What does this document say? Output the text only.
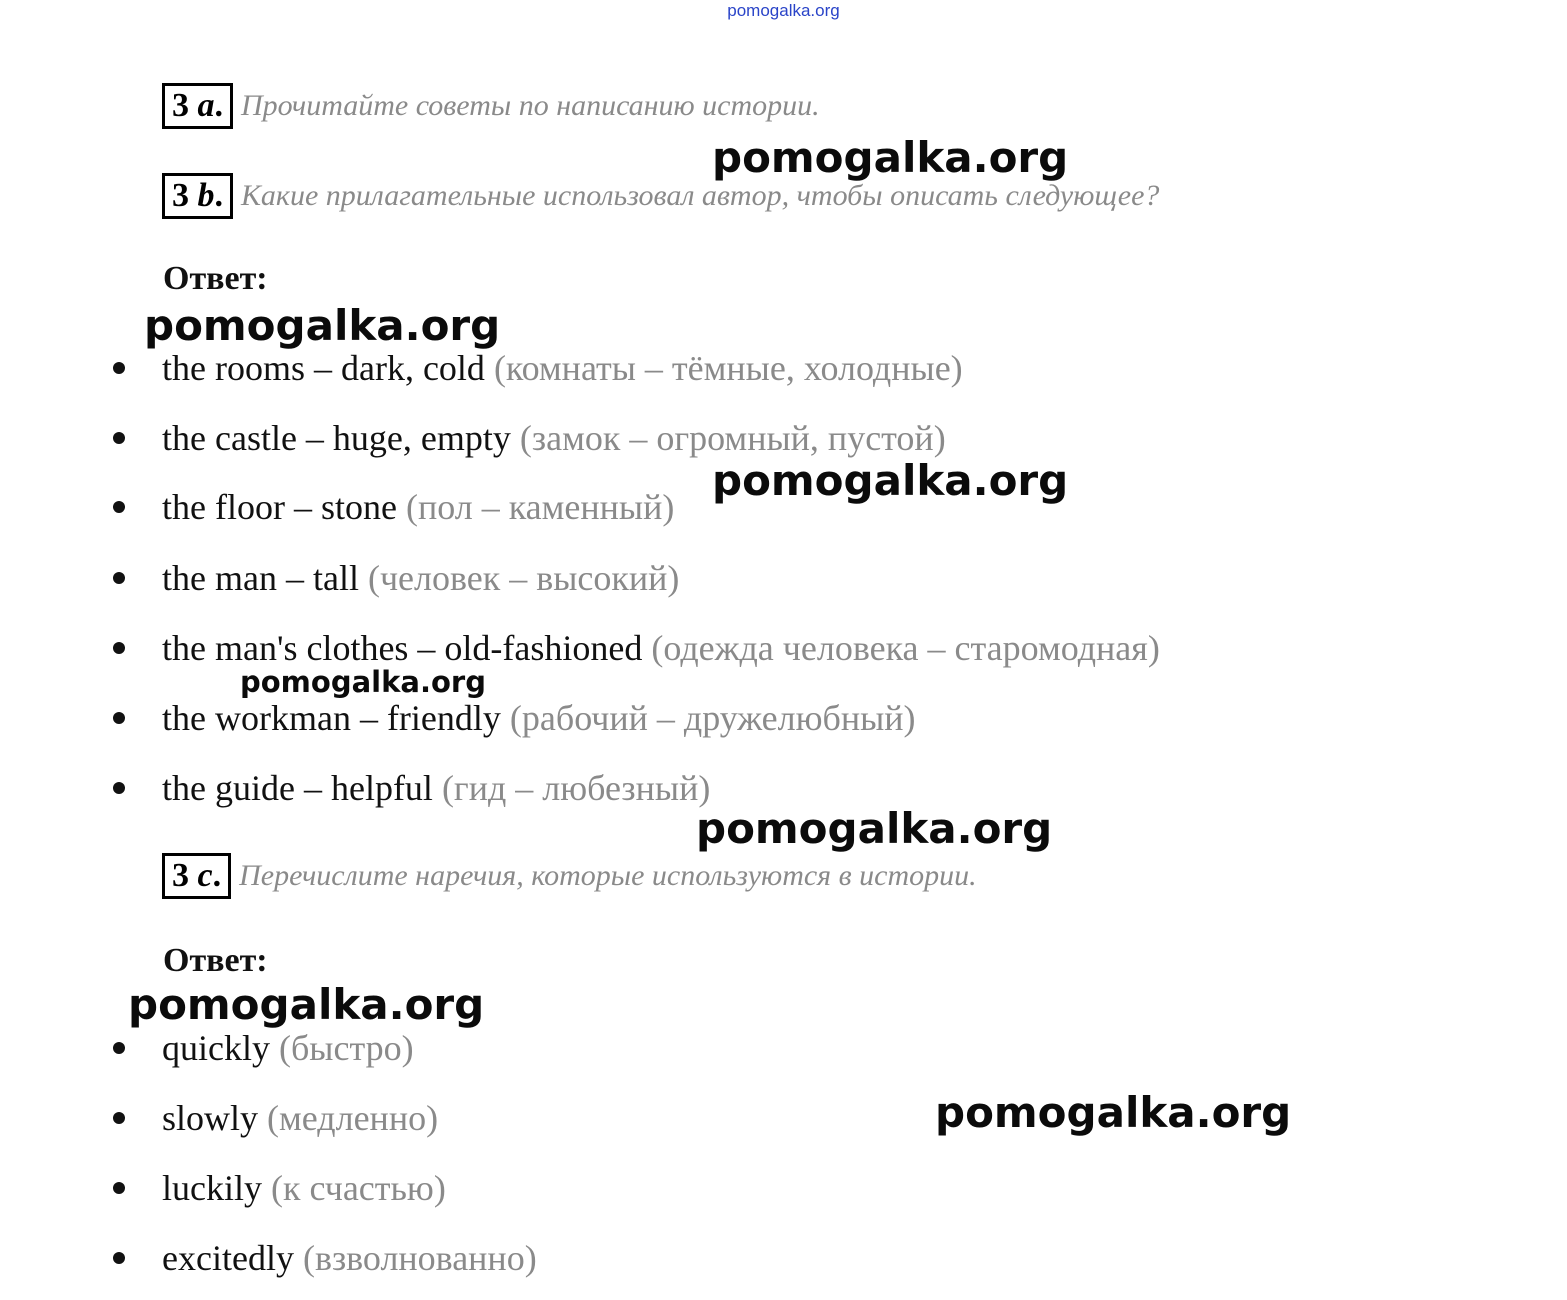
pomogalka.org
3
a . Прочитайте советы по написанию истории.
3
b . Какие прилагательные использовал автор, чтобы описать следующее?
Ответ:
the rooms – dark, cold (комнаты – тёмные, холодные)
the castle – huge, empty (замок – огромный, пустой)
the floor – stone (пол – каменный)
the man – tall (человек – высокий)
the man's clothes – old-fashioned (одежда человека – старомодная)
the workman – friendly (рабочий – дружелюбный)
the guide – helpful (гид – любезный)
3
c . Перечислите наречия, которые используются в истории.
Ответ:
quickly (быстро)
slowly (медленно)
luckily (к счастью)
excitedly (взволнованно)
pomogalka.org
pomogalka.org
pomogalka.org
pomogalka.org
pomogalka.org
pomogalka.org
pomogalka.org
